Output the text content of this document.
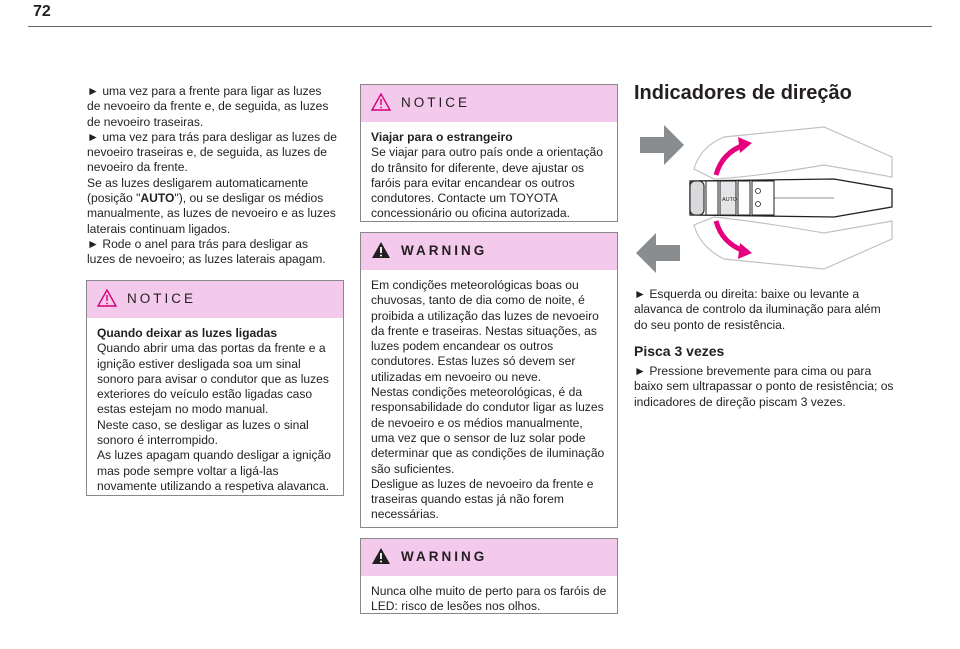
72

► uma vez para a frente para ligar as luzes de nevoeiro da frente e, de seguida, as luzes de nevoeiro traseiras.

► uma vez para trás para desligar as luzes de nevoeiro traseiras e, de seguida, as luzes de nevoeiro da frente.

Se as luzes desligarem automaticamente (posição "AUTO"), ou se desligar os médios manualmente, as luzes de nevoeiro e as luzes laterais continuam ligados.

► Rode o anel para trás para desligar as luzes de nevoeiro; as luzes laterais apagam.

NOTICE

Quando deixar as luzes ligadas

Quando abrir uma das portas da frente e a ignição estiver desligada soa um sinal sonoro para avisar o condutor que as luzes exteriores do veículo estão ligadas caso estas estejam no modo manual.

Neste caso, se desligar as luzes o sinal sonoro é interrompido.

As luzes apagam quando desligar a ignição mas pode sempre voltar a ligá-las novamente utilizando a respetiva alavanca.

NOTICE

Viajar para o estrangeiro

Se viajar para outro país onde a orientação do trânsito for diferente, deve ajustar os faróis para evitar encandear os outros condutores. Contacte um TOYOTA concessionário ou oficina autorizada.

WARNING

Em condições meteorológicas boas ou chuvosas, tanto de dia como de noite, é proibida a utilização das luzes de nevoeiro da frente e traseiras. Nestas situações, as luzes podem encandear os outros condutores. Estas luzes só devem ser utilizadas em nevoeiro ou neve.

Nestas condições meteorológicas, é da responsabilidade do condutor ligar as luzes de nevoeiro e os médios manualmente, uma vez que o sensor de luz solar pode determinar que as condições de iluminação são suficientes.

Desligue as luzes de nevoeiro da frente e traseiras quando estas já não forem necessárias.

WARNING

Nunca olhe muito de perto para os faróis de LED: risco de lesões nos olhos.

Indicadores de direção
AUTO

► Esquerda ou direita: baixe ou levante a alavanca de controlo da iluminação para além do seu ponto de resistência.

Pisca 3 vezes

► Pressione brevemente para cima ou para baixo sem ultrapassar o ponto de resistência; os indicadores de direção piscam 3 vezes.
